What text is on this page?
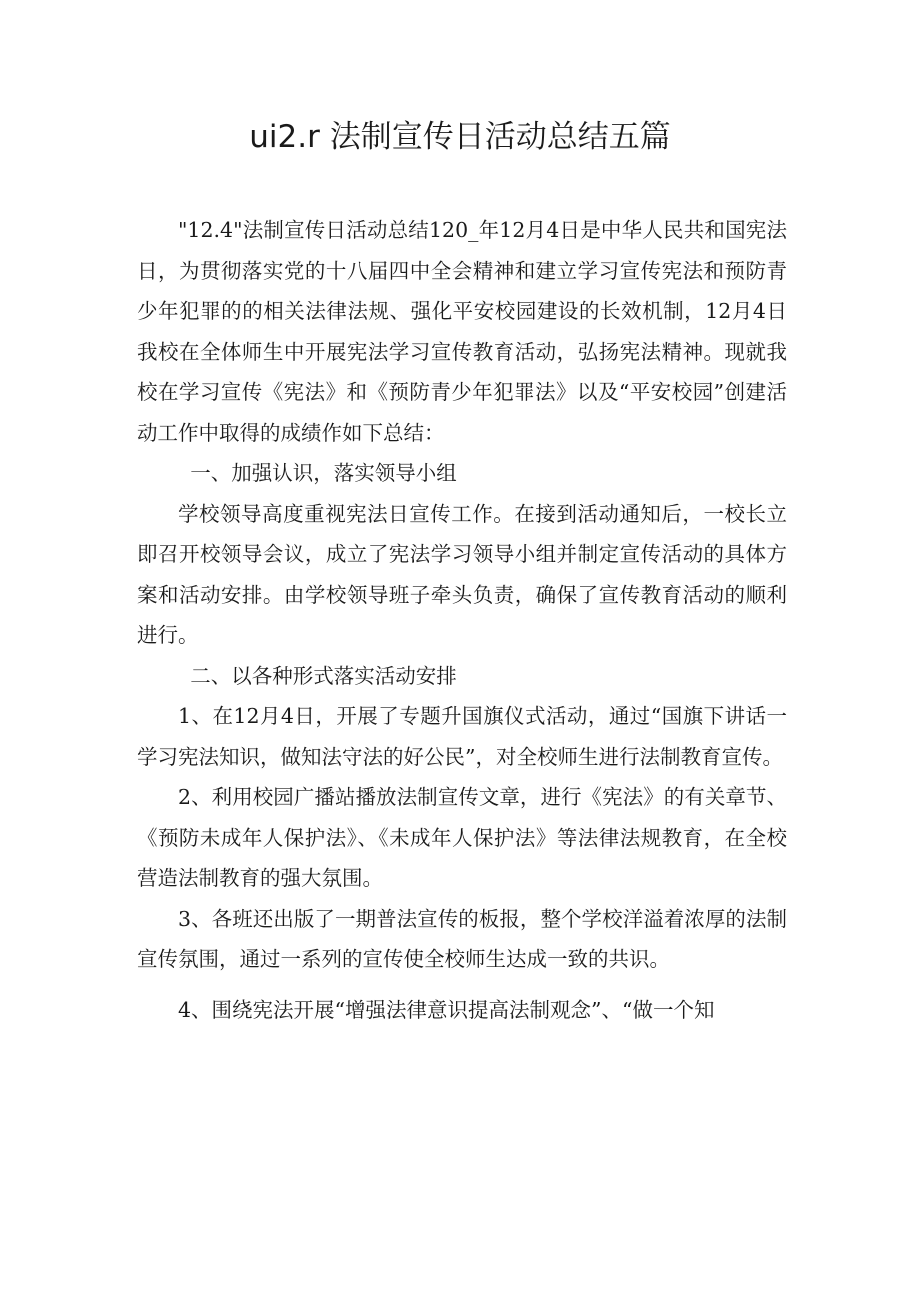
ui2.r 法制宣传日活动总结五篇

"12.4"法制宣传日活动总结120_年12月4日是中华人民共和国宪法日，为贯彻落实党的十八届四中全会精神和建立学习宣传宪法和预防青少年犯罪的的相关法律法规、强化平安校园建设的长效机制，12月4日我校在全体师生中开展宪法学习宣传教育活动，弘扬宪法精神。现就我校在学习宣传《宪法》和《预防青少年犯罪法》以及“平安校园”创建活动工作中取得的成绩作如下总结：

一、加强认识，落实领导小组

学校领导高度重视宪法日宣传工作。在接到活动通知后，一校长立即召开校领导会议，成立了宪法学习领导小组并制定宣传活动的具体方案和活动安排。由学校领导班子牵头负责，确保了宣传教育活动的顺利进行。

二、以各种形式落实活动安排

1、在12月4日，开展了专题升国旗仪式活动，通过“国旗下讲话一学习宪法知识，做知法守法的好公民”，对全校师生进行法制教育宣传。

2、利用校园广播站播放法制宣传文章，进行《宪法》的有关章节、《预防未成年人保护法》、《未成年人保护法》等法律法规教育，在全校营造法制教育的强大氛围。

3、各班还出版了一期普法宣传的板报，整个学校洋溢着浓厚的法制宣传氛围，通过一系列的宣传使全校师生达成一致的共识。

4、围绕宪法开展“增强法律意识提高法制观念”、“做一个知
